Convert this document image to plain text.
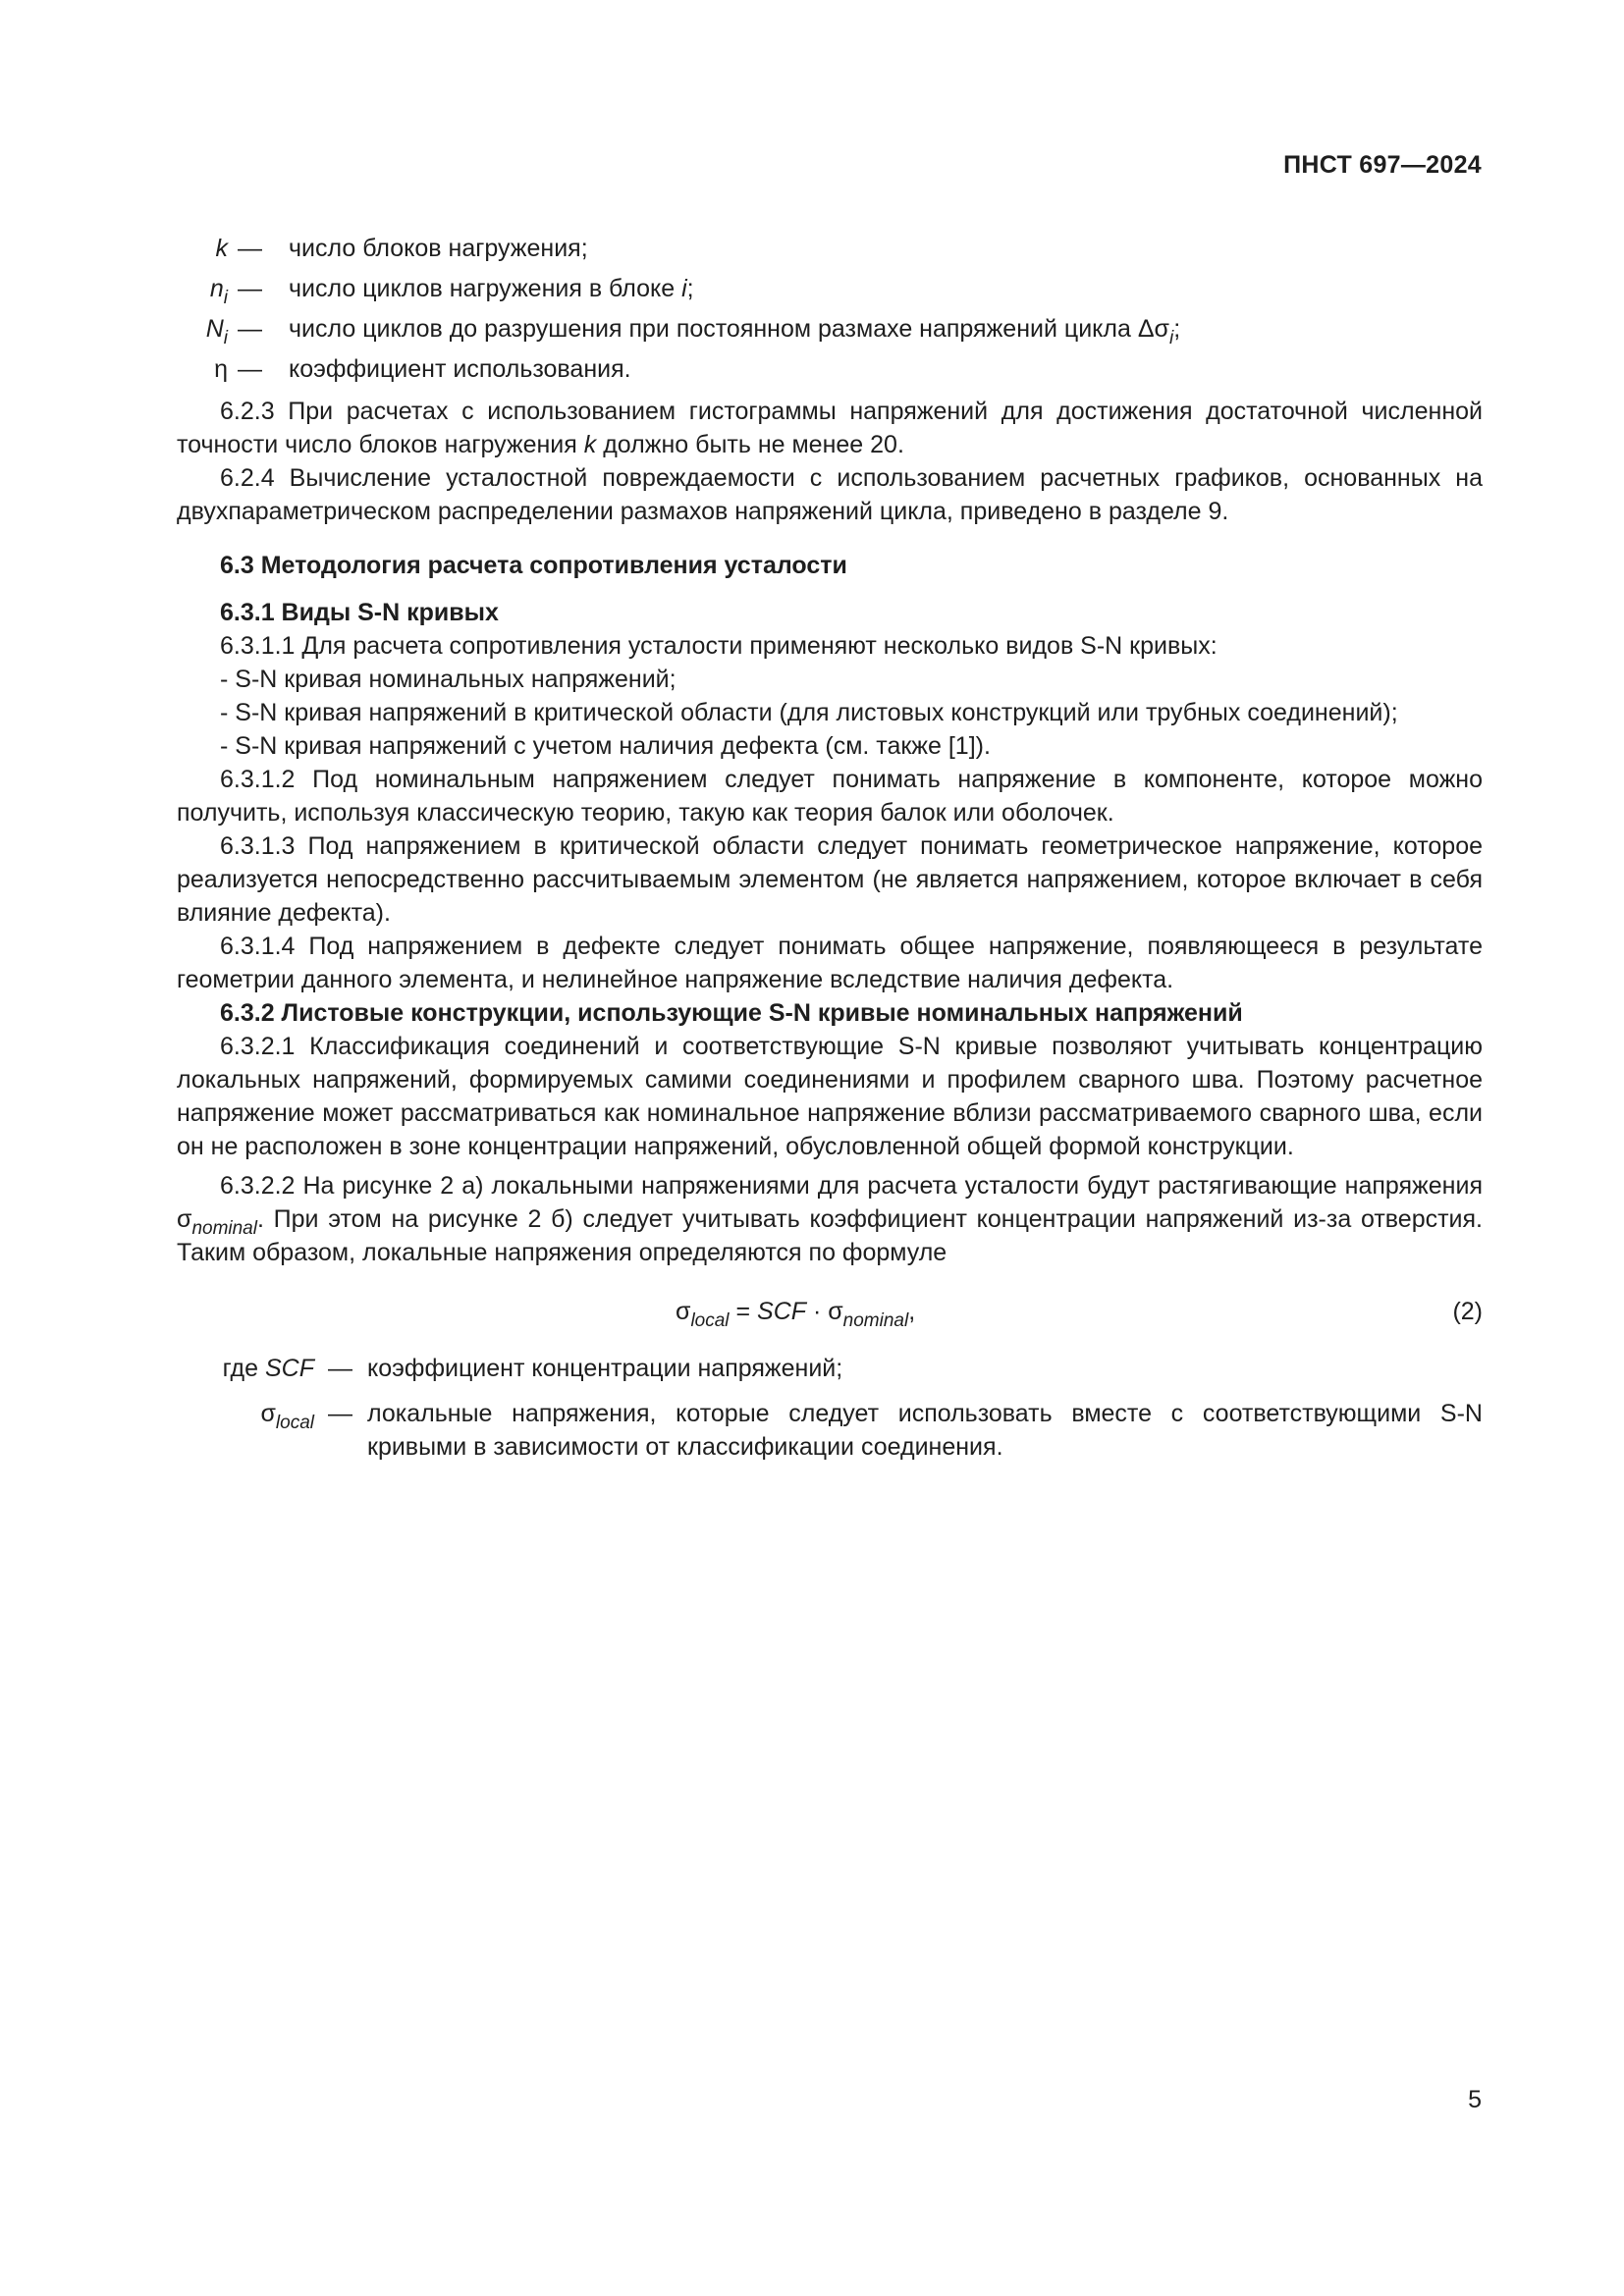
ПНСТ 697—2024
k —	число блоков нагружения;
$n_i$ —	число циклов нагружения в блоке i;
$N_i$ —	число циклов до разрушения при постоянном размахе напряжений цикла $\Delta\sigma_i$;
η —	коэффициент использования.

6.2.3 При расчетах с использованием гистограммы напряжений для достижения достаточной численной точности число блоков нагружения k должно быть не менее 20.

6.2.4 Вычисление усталостной повреждаемости с использованием расчетных графиков, основанных на двухпараметрическом распределении размахов напряжений цикла, приведено в разделе 9.

6.3 Методология расчета сопротивления усталости

6.3.1 Виды S-N кривых

6.3.1.1 Для расчета сопротивления усталости применяют несколько видов S-N кривых:

- S-N кривая номинальных напряжений;

- S-N кривая напряжений в критической области (для листовых конструкций или трубных соединений);

- S-N кривая напряжений с учетом наличия дефекта (см. также [1]).

6.3.1.2 Под номинальным напряжением следует понимать напряжение в компоненте, которое можно получить, используя классическую теорию, такую как теория балок или оболочек.

6.3.1.3 Под напряжением в критической области следует понимать геометрическое напряжение, которое реализуется непосредственно рассчитываемым элементом (не является напряжением, которое включает в себя влияние дефекта).

6.3.1.4 Под напряжением в дефекте следует понимать общее напряжение, появляющееся в результате геометрии данного элемента, и нелинейное напряжение вследствие наличия дефекта.

6.3.2 Листовые конструкции, использующие S-N кривые номинальных напряжений

6.3.2.1 Классификация соединений и соответствующие S-N кривые позволяют учитывать концентрацию локальных напряжений, формируемых самими соединениями и профилем сварного шва. Поэтому расчетное напряжение может рассматриваться как номинальное напряжение вблизи рассматриваемого сварного шва, если он не расположен в зоне концентрации напряжений, обусловленной общей формой конструкции.

6.3.2.2 На рисунке 2 а) локальными напряжениями для расчета усталости будут растягивающие напряжения $\sigma_{nominal}$. При этом на рисунке 2 б) следует учитывать коэффициент концентрации напряжений из-за отверстия. Таким образом, локальные напряжения определяются по формуле

$\sigma_{local}$ = SCF · $\sigma_{nominal}$,	(2)
где SCF — коэффициент концентрации напряжений;
$\sigma_{local}$ — локальные напряжения, которые следует использовать вместе с соответствующими S-N кривыми в зависимости от классификации соединения.
5
